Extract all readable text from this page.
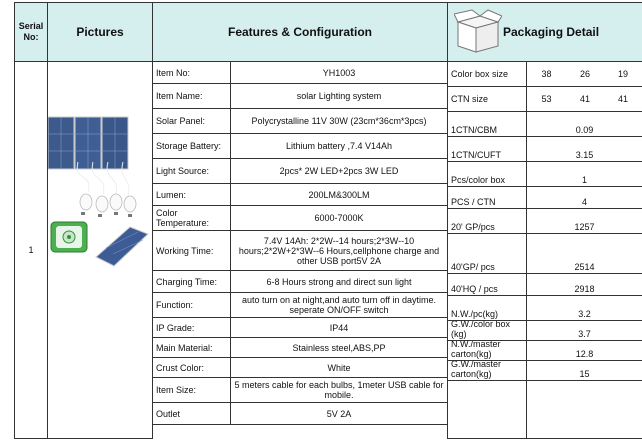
Serial No:	Pictures	Features & Configuration	Packaging Detail
1
Item No:	YH1003
Item Name:	solar Lighting system
Solar Panel:	Polycrystalline 11V 30W (23cm*36cm*3pcs)
Storage Battery:	Lithium battery ,7.4 V14Ah
Light Source:	2pcs* 2W LED+2pcs 3W LED
Lumen:	200LM&300LM
Color Temperature:	6000-7000K
Working Time:
7.4V 14Ah: 2*2W--14 hours;2*3W--10 hours;2*2W+2*3W--6 Hours,cellphone charge and other USB port5V 2A
Charging Time:	6-8 Hours strong and direct sun light
Function:	auto turn on at night,and auto turn off in daytime. seperate ON/OFF switch
IP Grade:	IP44
Main Material:	Stainless steel,ABS,PP
Crust Color:	White
Item Size:	5 meters cable for each bulbs, 1meter USB cable for mobile.
Outlet	5V 2A
Color box size	38	26	19
CTN size	53	41	41
1CTN/CBM	0.09
1CTN/CUFT	3.15
Pcs/color box	1
PCS / CTN	4
20' GP/pcs	1257
40'GP/ pcs	2514
40'HQ / pcs	2918
N.W./pc(kg)	3.2
G.W./color box (kg)	3.7
N.W./master carton(kg)	12.8
G.W./master carton(kg)	15
